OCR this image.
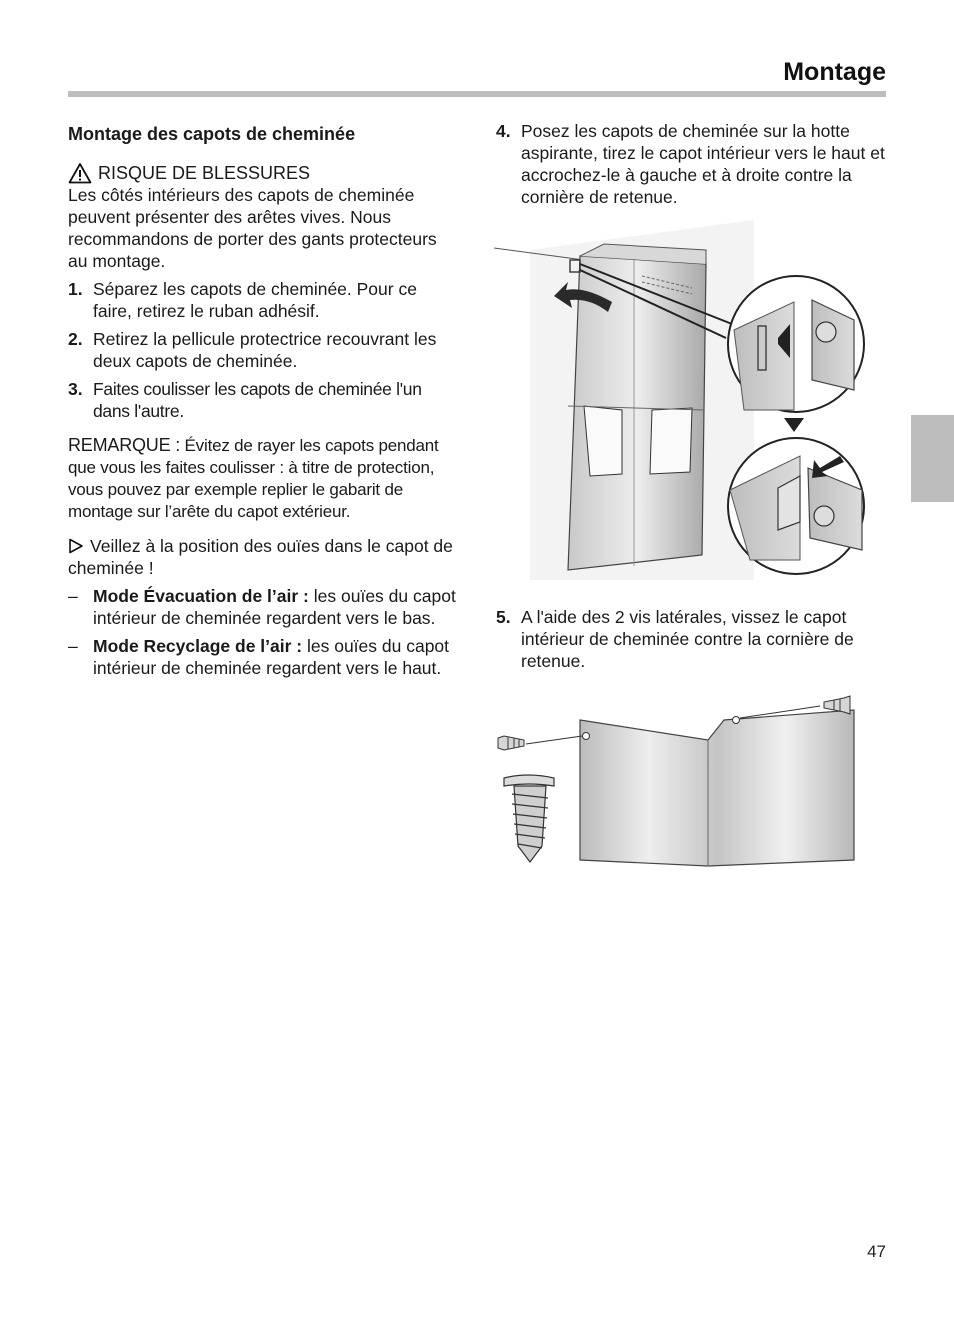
Montage
Montage des capots de cheminée
RISQUE DE BLESSURES

Les côtés intérieurs des capots de cheminée peuvent présenter des arêtes vives. Nous recommandons de porter des gants protecteurs au montage.

1. Séparez les capots de cheminée. Pour ce faire, retirez le ruban adhésif.
2. Retirez la pellicule protectrice recouvrant les deux capots de cheminée.
3. Faites coulisser les capots de cheminée l'un dans l'autre.
REMARQUE : Évitez de rayer les capots pendant que vous les faites coulisser : à titre de protection, vous pouvez par exemple replier le gabarit de montage sur l’arête du capot extérieur.
Veillez à la position des ouïes dans le capot de cheminée !
– Mode Évacuation de l’air : les ouïes du capot intérieur de cheminée regardent vers le bas.
– Mode Recyclage de l’air : les ouïes du capot intérieur de cheminée regardent vers le haut.
4. Posez les capots de cheminée sur la hotte aspirante, tirez le capot intérieur vers le haut et accrochez-le à gauche et à droite contre la cornière de retenue.
5. A l'aide des 2 vis latérales, vissez le capot intérieur de cheminée contre la cornière de retenue.
47
